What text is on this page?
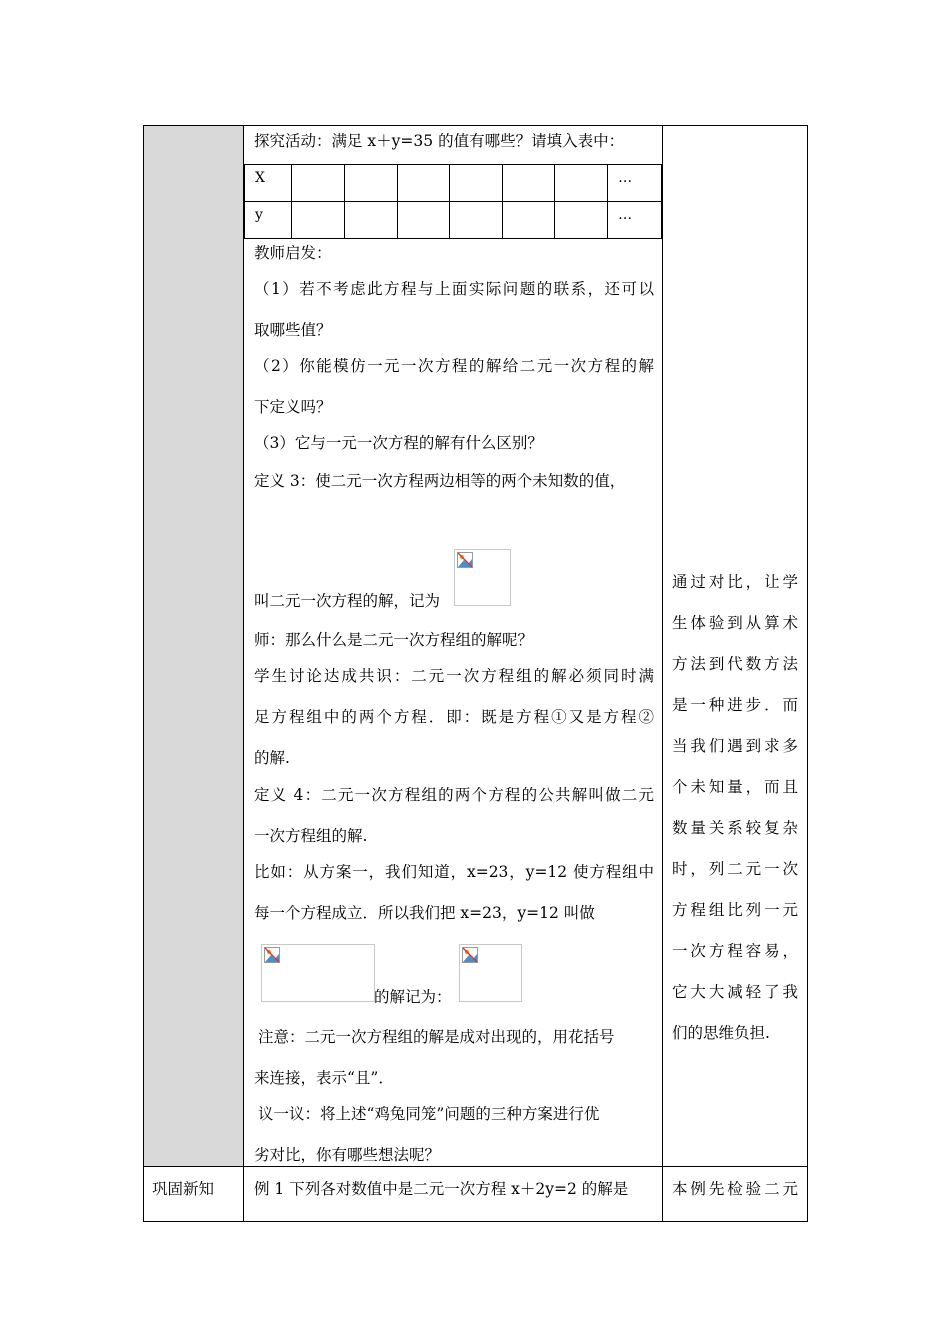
探究活动：满足 x＋y=35 的值有哪些？请填入表中：
X							…
y							…
教师启发：
（1）若不考虑此方程与上面实际问题的联系，还可以
取哪些值？
（2）你能模仿一元一次方程的解给二元一次方程的解
下定义吗？
（3）它与一元一次方程的解有什么区别？
定义 3：使二元一次方程两边相等的两个未知数的值，
叫二元一次方程的解，记为
师：那么什么是二元一次方程组的解呢？
学生讨论达成共识：二元一次方程组的解必须同时满
足方程组中的两个方程．即：既是方程①又是方程②
的解.
定义 4：二元一次方程组的两个方程的公共解叫做二元
一次方程组的解.
比如：从方案一，我们知道，x=23，y=12 使方程组中
每一个方程成立．所以我们把 x=23，y=12 叫做
的解记为：
注意：二元一次方程组的解是成对出现的，用花括号
来连接，表示“且”．
议一议：将上述“鸡兔同笼”问题的三种方案进行优
劣对比，你有哪些想法呢？

通过对比，让学
生体验到从算术
方法到代数方法
是一种进步．而
当我们遇到求多
个未知量，而且
数量关系较复杂
时，列二元一次
方程组比列一元
一次方程容易，
它大大减轻了我
们的思维负担.

巩固新知	例 1 下列各对数值中是二元一次方程 x＋2y=2 的解是	本例先检验二元
